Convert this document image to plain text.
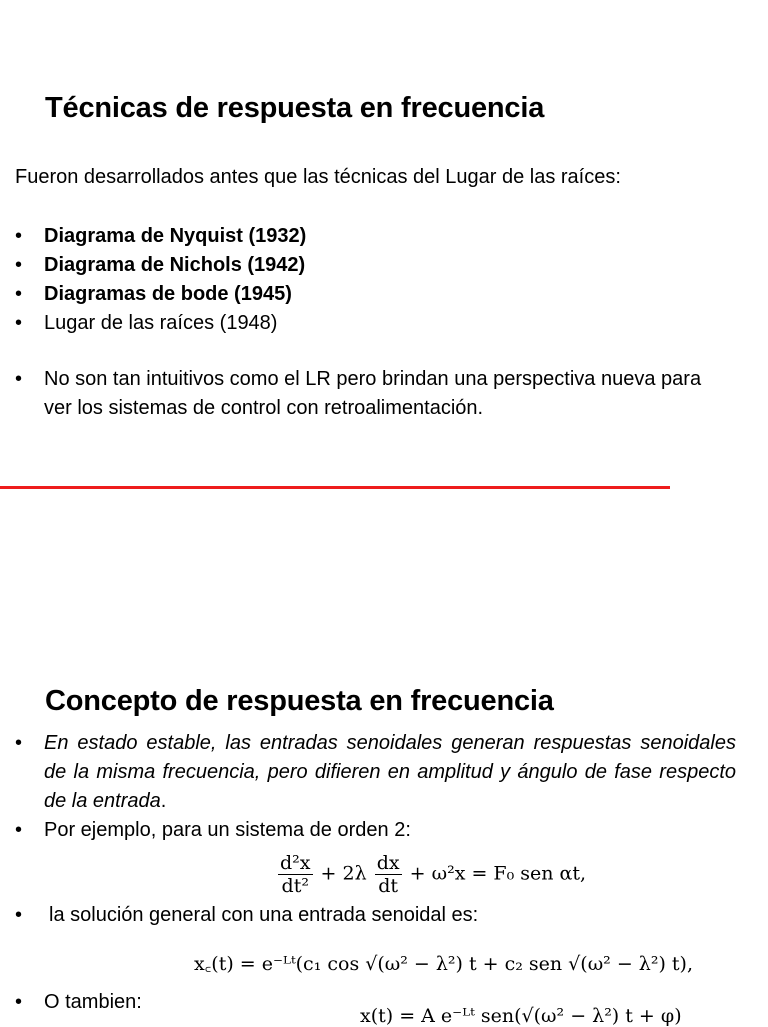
Técnicas de respuesta en frecuencia
Fueron desarrollados antes que las técnicas del Lugar de las raíces:
• Diagrama de Nyquist (1932)
• Diagrama de Nichols (1942)
• Diagramas de bode (1945)
• Lugar de las raíces (1948)
• No son tan intuitivos como el LR pero brindan una perspectiva nueva para ver los sistemas de control con retroalimentación.
Concepto de respuesta en frecuencia
• En estado estable, las entradas senoidales generan respuestas senoidales de la misma frecuencia, pero difieren en amplitud y ángulo de fase respecto de la entrada.
• Por ejemplo, para un sistema de orden 2:
$\frac{\text{d²x}}{\text{dt²}} + 2\lambda \frac{dx}{dt} + \omega^2x = F_0$ sen αt,
• la solución general con una entrada senoidal es:
x꜀(t) = e⁻ᴸᵗ(c₁ cos √(ω² − λ²) t + c₂ sen √(ω² − λ²) t),
• O tambien:
x(t) = A e⁻ᴸᵗ sen(√(ω² − λ²) t + φ)
